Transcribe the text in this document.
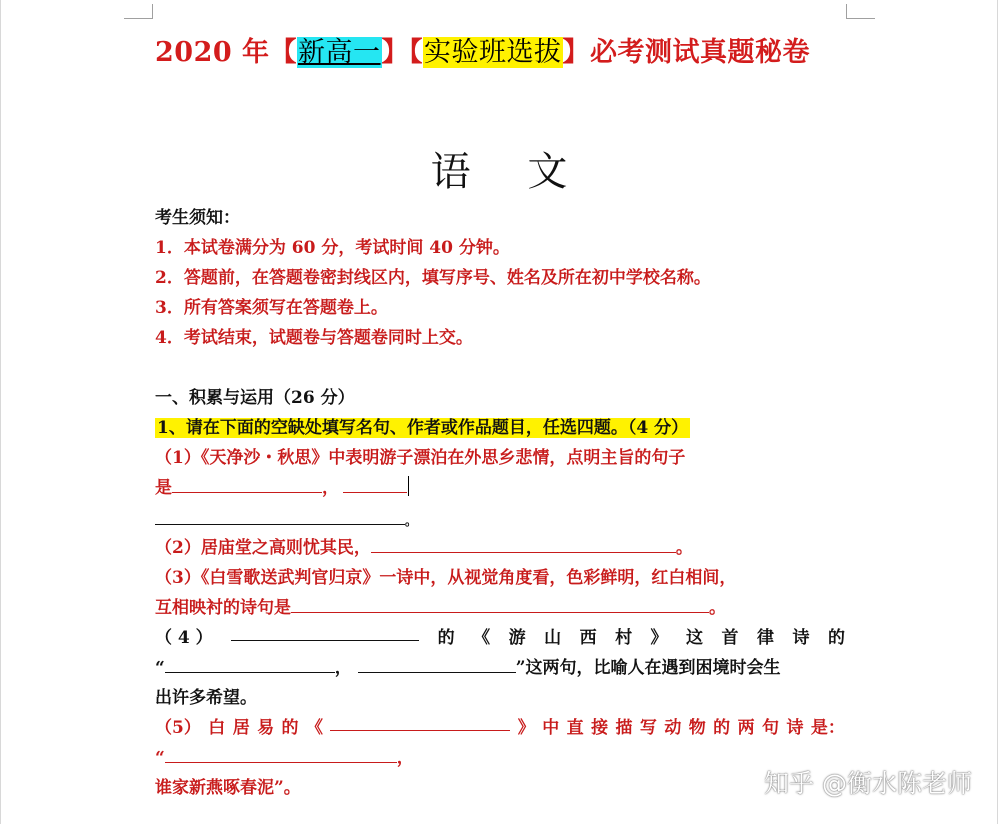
2020 年【新高一】【实验班选拔】必考测试真题秘卷
语 文
考生须知：
1．本试卷满分为 60 分，考试时间 40 分钟。
2．答题前，在答题卷密封线区内，填写序号、姓名及所在初中学校名称。
3．所有答案须写在答题卷上。
4．考试结束，试题卷与答题卷同时上交。
一、积累与运用（26 分）
1、请在下面的空缺处填写名句、作者或作品题目，任选四题。（4 分）
（1）《天净沙・秋思》中表明游子漂泊在外思乡悲情，点明主旨的句子
是	，
。
（2）居庙堂之高则忧其民，	。
（3）《白雪歌送武判官归京》一诗中，从视觉角度看，色彩鲜明，红白相间，
互相映衬的诗句是	。
（ 4 ）	的 《 游 山 西 村 》 这 首 律 诗 的
“	，	”这两句，比喻人在遇到困境时会生
出许多希望。
（5） 白 居 易 的 《	》 中 直 接 描 写 动 物 的 两 句 诗 是：
“	，
谁家新燕啄春泥”。	知乎 @衡水陈老师
